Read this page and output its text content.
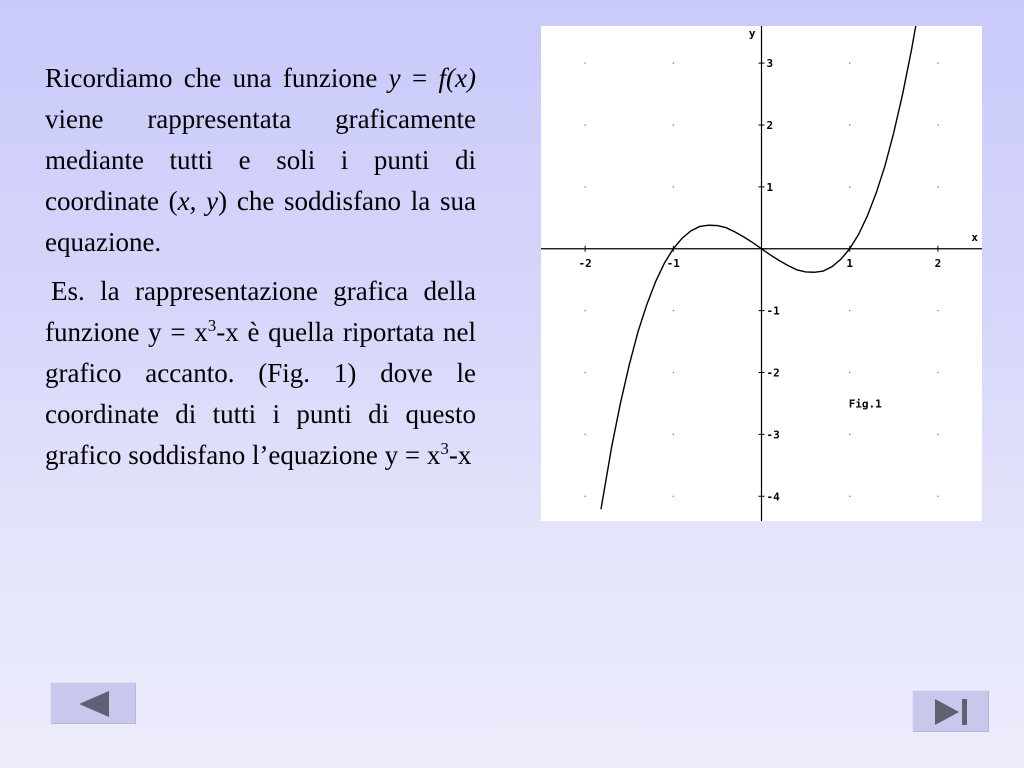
Ricordiamo che una funzione y = f(x) viene rappresentata graficamente mediante tutti e soli i punti di coordinate (x, y) che soddisfano la sua equazione.

Es. la rappresentazione grafica della funzione $y = x^3-x$ è quella riportata nel grafico accanto. (Fig. 1) dove le coordinate di tutti i punti di questo grafico soddisfano l’equazione $y = x^3-x$

-2	-1	1	2
3
2
1
-1
-2
-3
-4
x
y
Fig.1
